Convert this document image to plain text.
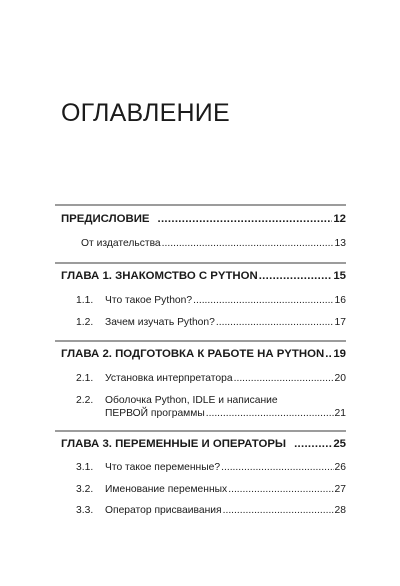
ОГЛАВЛЕНИЕ
ПРЕДИСЛОВИЕ .....	12
От издательства .....	13
ГЛАВА 1. ЗНАКОМСТВО С PYTHON .....	15
1.1. Что такое Python? .....	16
1.2. Зачем изучать Python? .....	17
ГЛАВА 2. ПОДГОТОВКА К РАБОТЕ НА PYTHON ..... 19
2.1. Установка интерпретатора .....	20
2.2. Оболочка Python, IDLE и написание
ПЕРВОЙ программы .....	21
ГЛАВА 3. ПЕРЕМЕННЫЕ И ОПЕРАТОРЫ .....	25
3.1. Что такое переменные? .....	26
3.2. Именование переменных .....	27
3.3. Оператор присваивания .....	28
